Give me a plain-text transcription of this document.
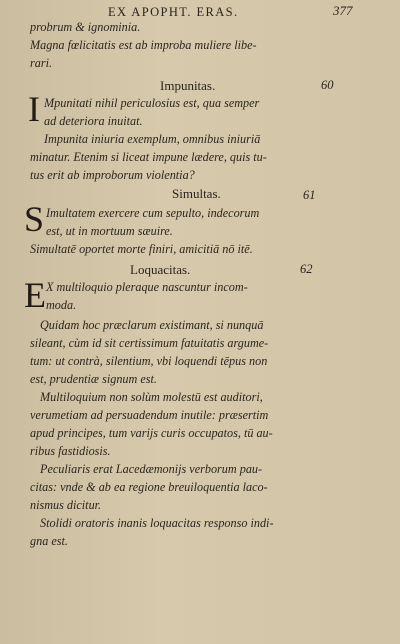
EX APOPHT. ERAS.	377
probrum & ignominia.
Magna fœlicitatis est ab improba muliere libe-
rari.
Impunitas.	60
I Mpunitati nihil periculosius est, qua semper
ad deteriora inuitat.
Impunita iniuria exemplum, omnibus iniuriā
minatur. Etenim si liceat impune lædere, quis tu-
tus erit ab improborum violentia?
Simultas.	61
S Imultatem exercere cum sepulto, indecorum
est, ut in mortuum sæuire.
Simultatē oportet morte finiri, amicitiā nō itē.
Loquacitas.	62
E X multiloquio pleraque nascuntur incom-
moda.
Quidam hoc præclarum existimant, si nunquā
sileant, cùm id sit certissimum fatuitatis argume-
tum: ut contrà, silentium, vbi loquendi tēpus non
est, prudentiæ signum est.
Multiloquium non solùm molestū est auditori,
verumetiam ad persuadendum inutile: præsertim
apud principes, tum varijs curis occupatos, tū au-
ribus fastidiosis.
Peculiaris erat Lacedæmonijs verborum pau-
citas: vnde & ab ea regione breuiloquentia laco-
nismus dicitur.
Stolidi oratoris inanis loquacitas responso indi-
gna est.
